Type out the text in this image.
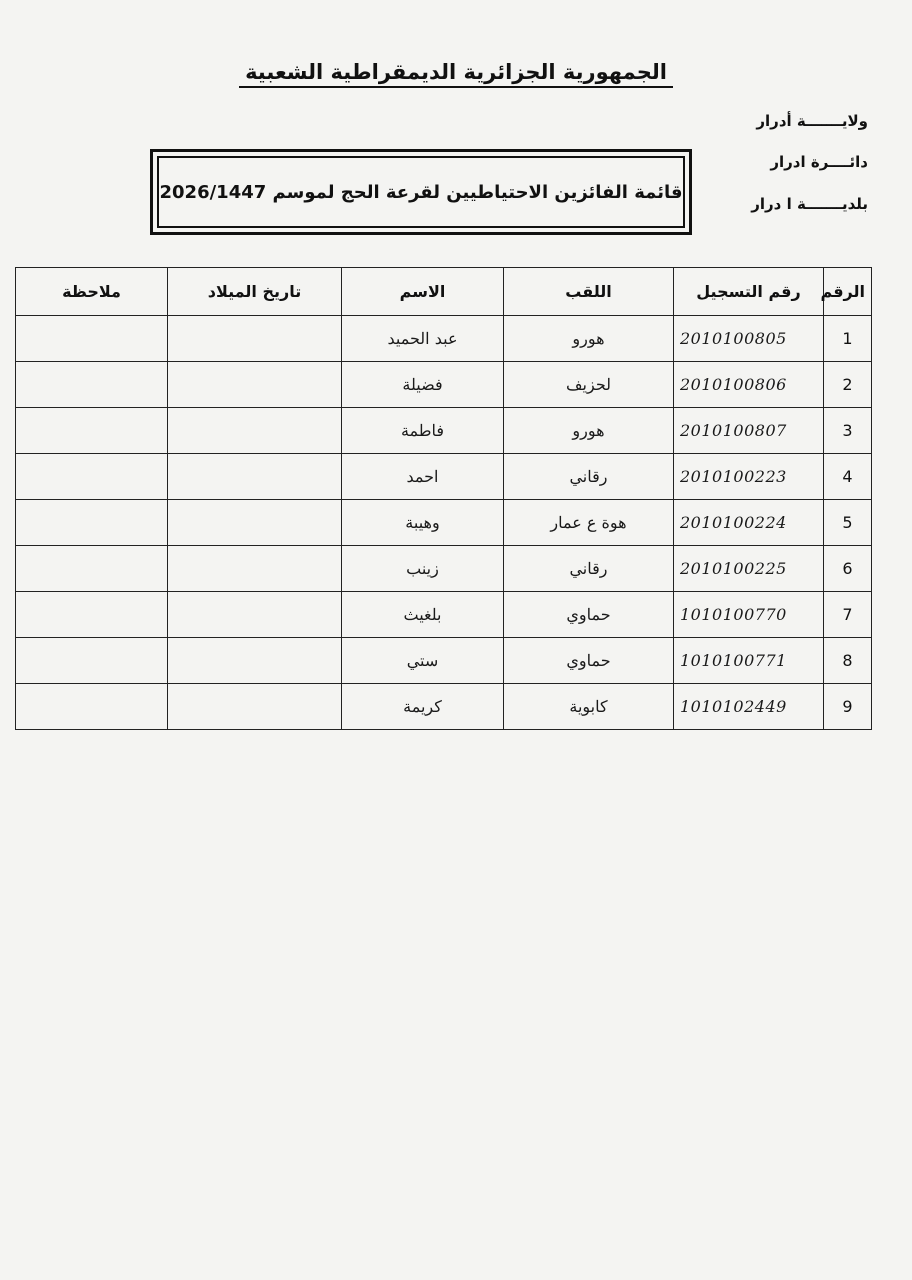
الجمهورية الجزائرية الديمقراطية الشعبية
ولايـــــــة أدرار
دائــــرة ادرار
بلديـــــــة ا درار
قائمة الفائزين الاحتياطيين لقرعة الحج لموسم 2026/1447
الرقم	رقم التسجيل	اللقب	الاسم	تاريخ الميلاد	ملاحظة
1	2010100805	هورو	عبد الحميد		
2	2010100806	لحزيف	فضيلة		
3	2010100807	هورو	فاطمة		
4	2010100223	رقاني	احمد		
5	2010100224	هوة ع عمار	وهيبة		
6	2010100225	رقاني	زينب		
7	1010100770	حماوي	بلغيث		
8	1010100771	حماوي	ستي		
9	1010102449	كابوية	كريمة		
